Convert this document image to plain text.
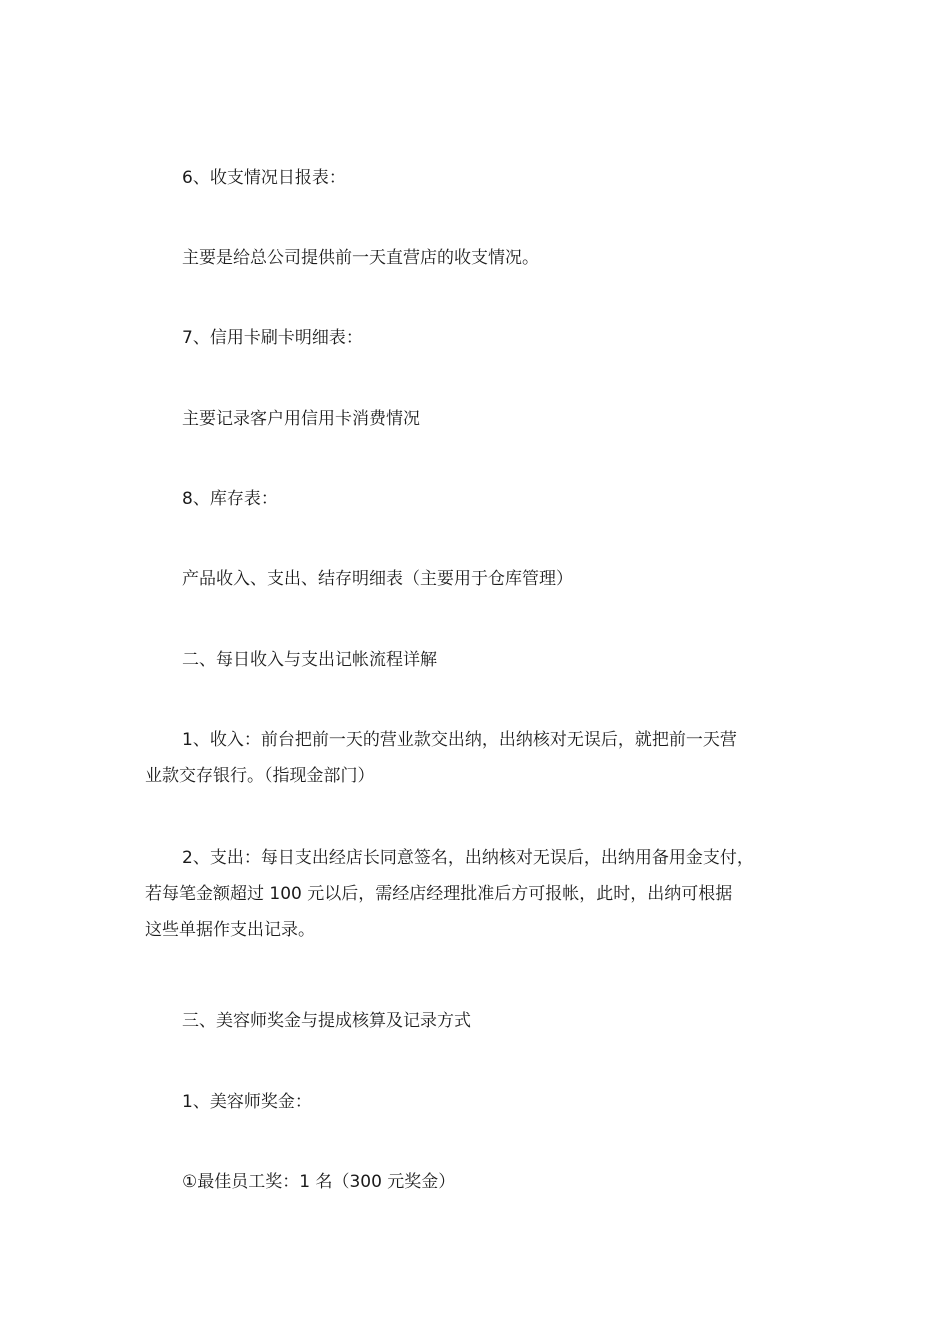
6、收支情况日报表：

主要是给总公司提供前一天直营店的收支情况。

7、信用卡刷卡明细表：

主要记录客户用信用卡消费情况

8、库存表：

产品收入、支出、结存明细表（主要用于仓库管理）

二、每日收入与支出记帐流程详解

1、收入：前台把前一天的营业款交出纳，出纳核对无误后，就把前一天营
业款交存银行。（指现金部门）

2、支出：每日支出经店长同意签名，出纳核对无误后，出纳用备用金支付，
若每笔金额超过 100 元以后，需经店经理批准后方可报帐，此时，出纳可根据
这些单据作支出记录。

三、美容师奖金与提成核算及记录方式

1、美容师奖金：

①最佳员工奖：1 名（300 元奖金）
